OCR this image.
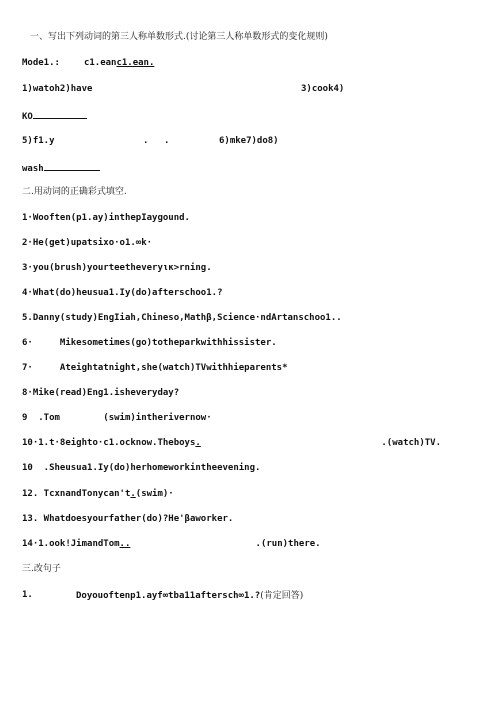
一、写出下列动词的第三人称单数形式.(讨论第三人称单数形式的变化规则)
Mode1.:	c1.eanc1.ean.
1)watoh2)have	3)cook4)
KO
5)f1.y	. .	6)mke7)do8)
wash
二.用动词的正确彩式填空.
1·Wooften(p1.ay)inthepIaygound.
2·He(get)upatsixo·o1.∞k·
3·you(brush)yourteetheveryιк>rning.
4·What(do)heusua1.Iy(do)afterschoo1.?
5.Danny(study)EngIiah,Chineso,Mathβ,Science·ndArtanschoo1..
6·     Mikesometimes(go)totheparkwithhissister.
7·     Ateightatnight,she(watch)TVwithhieparents*
8·Mike(read)Eng1.isheveryday?
9  .Tom        (swim)intherivernow·
10·1.t·8eighto·c1.ocknow.Theboys.	.(watch)TV.
10  .Sheusua1.Iy(do)herhomeworkintheevening.
12. TcxnandTonycan't.(swim)·
13. Whatdoesyourfather(do)?He'βaworker.
14·1.ook!JimandTom..	.(run)there.
三.改句子
1.	Doyouoftenp1.ayf∞tba11aftersch∞1.?(肯定回答)
